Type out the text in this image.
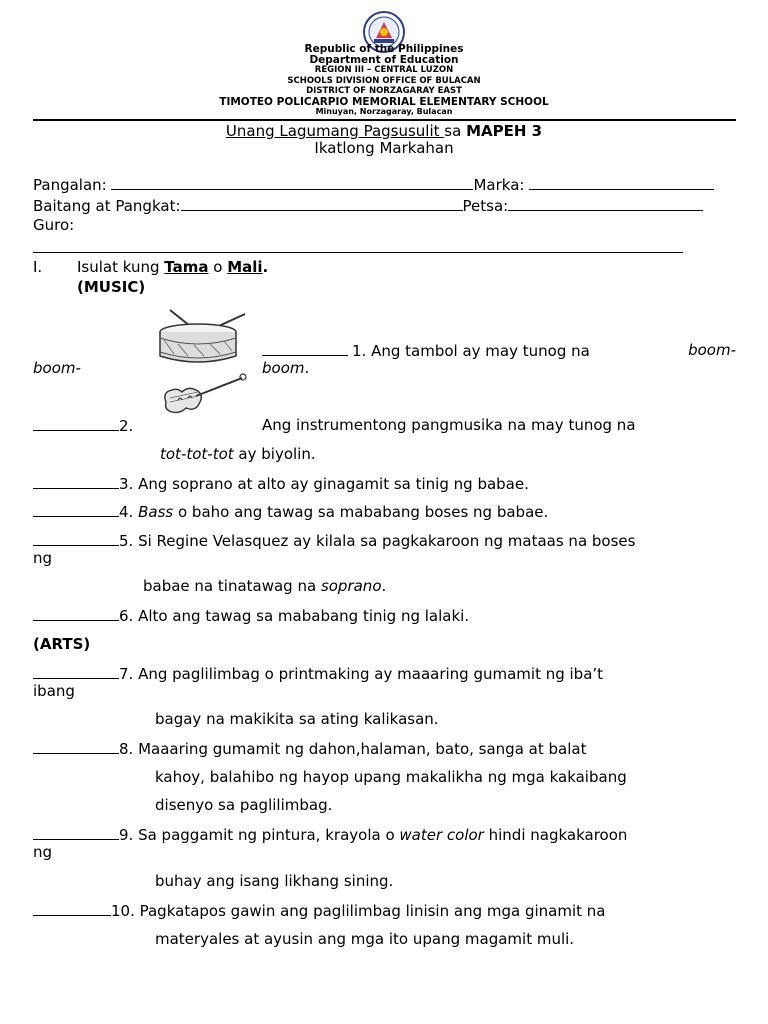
Republic of the Philippines
Department of Education
REGION III – CENTRAL LUZON
SCHOOLS DIVISION OFFICE OF BULACAN
DISTRICT OF NORZAGARAY EAST
TIMOTEO POLICARPIO MEMORIAL ELEMENTARY SCHOOL
Minuyan, Norzagaray, Bulacan
Unang Lagumang Pagsusulit sa MAPEH 3
Ikatlong Markahan
Pangalan:	Marka:
Baitang at Pangkat:	Petsa:
Guro:
I. Isulat kung Tama o Mali.
(MUSIC)
1. Ang tambol ay may tunog na	boom-
boom-	boom.
2.	Ang instrumentong pangmusika na may tunog na
tot-tot-tot ay biyolin.
3. Ang soprano at alto ay ginagamit sa tinig ng babae.
4. Bass o baho ang tawag sa mababang boses ng babae.
5. Si Regine Velasquez ay kilala sa pagkakaroon ng mataas na boses
ng
babae na tinatawag na soprano.
6. Alto ang tawag sa mababang tinig ng lalaki.
(ARTS)
7. Ang paglilimbag o printmaking ay maaaring gumamit ng iba’t
ibang
bagay na makikita sa ating kalikasan.
8. Maaaring gumamit ng dahon,halaman, bato, sanga at balat
kahoy, balahibo ng hayop upang makalikha ng mga kakaibang
disenyo sa paglilimbag.
9. Sa paggamit ng pintura, krayola o water color hindi nagkakaroon
ng
buhay ang isang likhang sining.
10. Pagkatapos gawin ang paglilimbag linisin ang mga ginamit na
materyales at ayusin ang mga ito upang magamit muli.
